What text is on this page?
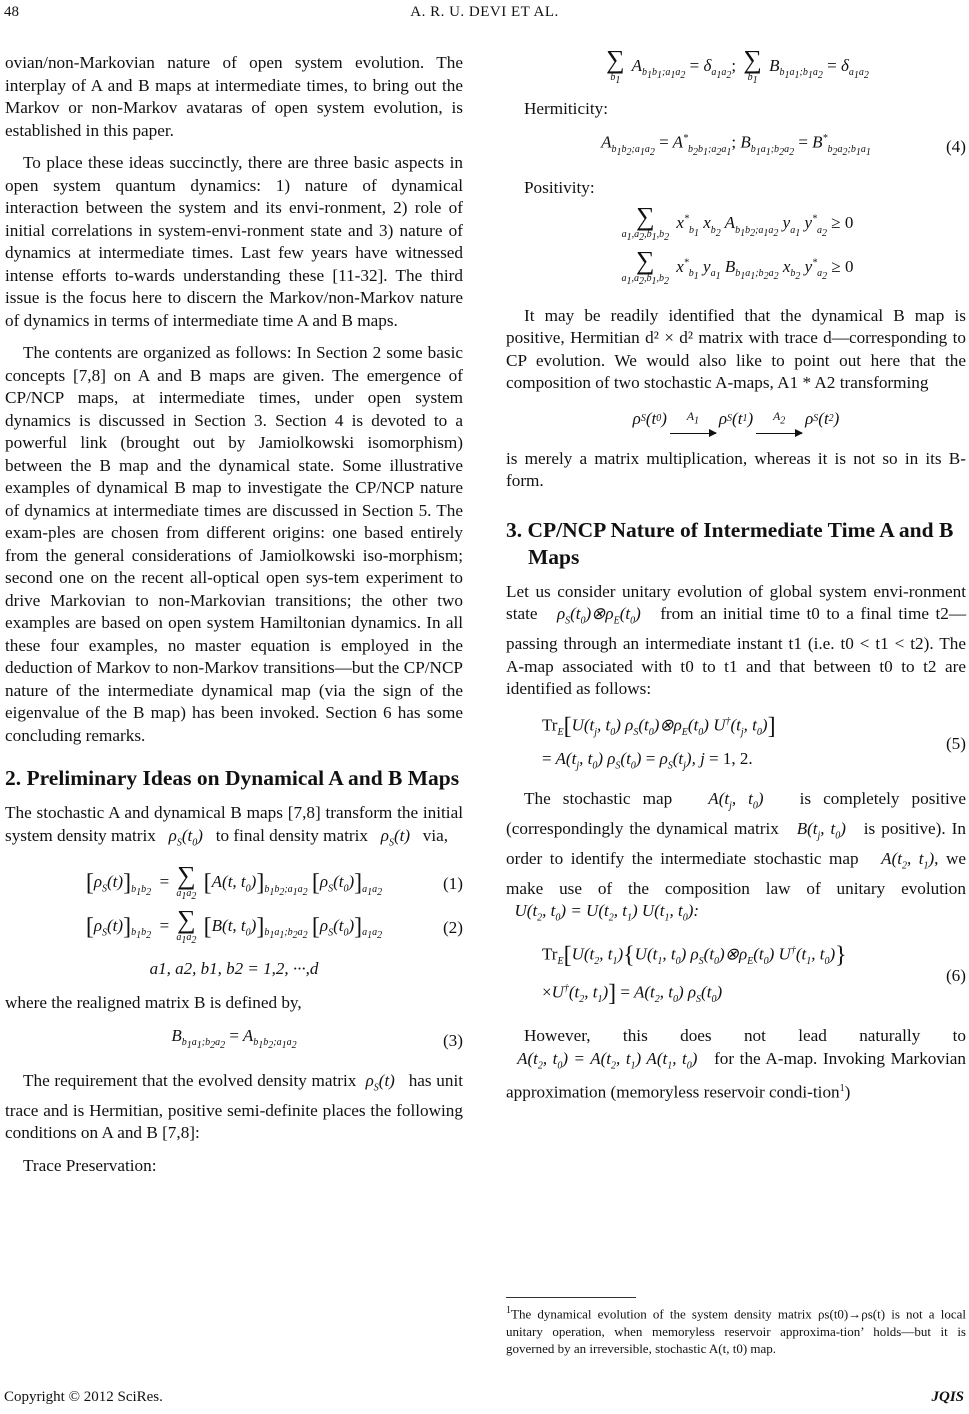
48	A. R. U. DEVI ET AL.

ovian/non-Markovian nature of open system evolution. The interplay of A and B maps at intermediate times, to bring out the Markov or non-Markov avataras of open system evolution, is established in this paper.

To place these ideas succinctly, there are three basic aspects in open system quantum dynamics: 1) nature of dynamical interaction between the system and its envi-ronment, 2) role of initial correlations in system-envi-ronment state and 3) nature of dynamics at intermediate times. Last few years have witnessed intense efforts to-wards understanding these [11-32]. The third issue is the focus here to discern the Markov/non-Markov nature of dynamics in terms of intermediate time A and B maps.

The contents are organized as follows: In Section 2 some basic concepts [7,8] on A and B maps are given. The emergence of CP/NCP maps, at intermediate times, under open system dynamics is discussed in Section 3. Section 4 is devoted to a powerful link (brought out by Jamiolkowski isomorphism) between the B map and the dynamical state. Some illustrative examples of dynamical B map to investigate the CP/NCP nature of dynamics at intermediate times are discussed in Section 5. The exam-ples are chosen from different origins: one based entirely from the general considerations of Jamiolkowski iso-morphism; second one on the recent all-optical open sys-tem experiment to drive Markovian to non-Markovian transitions; the other two examples are based on open system Hamiltonian dynamics. In all these four examples, no master equation is employed in the deduction of Markov to non-Markov transitions—but the CP/NCP nature of the intermediate dynamical map (via the sign of the eigenvalue of the B map) has been invoked. Section 6 has some concluding remarks.

2. Preliminary Ideas on Dynamical A and B Maps

The stochastic A and dynamical B maps [7,8] transform the initial system density matrix   $\rho_S(t_0)$   to final density matrix   $\rho_S(t)$   via,

$[\rho_S(t)]_{b_1b_2}$  = ∑
$a_1a_2$
[A(t, $t_0)]_{b_1b_2;a_1a_2}$ $[\rho_S(t_0)]_{a_1a_2}$	(1)
$[\rho_S(t)]_{b_1b_2}$  = ∑
$a_1a_2$
[B(t, $t_0)]_{b_1a_1;b_2a_2}$ $[\rho_S(t_0)]_{a_1a_2}$	(2)
a1, a2, b1, b2 = 1,2, ···,d

where the realigned matrix B is defined by,

$B_{b_1a_1;b_2a_2} = A_{b_1b_2;a_1a_2}$	(3)

The requirement that the evolved density matrix  $\rho_S(t)$   has unit trace and is Hermitian, positive semi-definite places the following conditions on A and B [7,8]:

Trace Preservation:
∑
$b_1$
$A_{b_1b_1;a_1a_2} = \delta_{a_1a_2}$; ∑
$b_1$
$B_{b_1a_1;b_1a_2} = \delta_{a_1a_2}$
Hermiticity:
$A_{b_1b_2;a_1a_2} = A^*_{b_2b_1;a_2a_1}$; $B_{b_1a_1;b_2a_2} = B^*_{b_2a_2;b_1a_1}$	(4)
Positivity:
∑
$a_1,a_2,b_1,b_2$
$x^*_{b_1}$ $x_{b_2}$ $A_{b_1b_2;a_1a_2}$ $y_{a_1}$ $y^*_{a_2} \ge 0$
∑
$a_1,a_2,b_1,b_2$
$x^*_{b_1}$ $y_{a_1}$ $B_{b_1a_1;b_2a_2}$ $x_{b_2}$ $y^*_{a_2} \ge 0$

It may be readily identified that the dynamical B map is positive, Hermitian d² × d² matrix with trace d—corresponding to CP evolution. We would also like to point out here that the composition of two stochastic A-maps, A1 * A2 transforming

ρ S (t 0 ) $A_1$ ρ S (t 1 ) $A_2$ ρ S (t 2 )

is merely a matrix multiplication, whereas it is not so in its B-form.

3. CP/NCP Nature of Intermediate Time A and B Maps

Let us consider unitary evolution of global system envi-ronment state   $\rho_S(t_0)\otimes\rho_E(t_0)$   from an initial time t0 to a final time t2—passing through an intermediate instant t1 (i.e. t0 < t1 < t2). The A-map associated with t0 to t1 and that between t0 to t2 are identified as follows:

$Tr_E[U(t_j$, $t_0$) $\rho_S(t_0)\otimes\rho_E(t_0)$ $U^\dagger(t_j$, $t_0$)]
= $A(t_j$, $t_0$) $\rho_S(t_0) = \rho_S(t_j)$, j = 1, 2.
(5)

The stochastic map   $A(t_j$, $t_0$)   is completely positive (correspondingly the dynamical matrix   $B(t_j$, $t_0$)   is positive). In order to identify the intermediate stochastic map   $A(t_2$, $t_1$), we make use of the composition law of unitary evolution   $U(t_2$, $t_0) = U(t_2$, $t_1$) $U(t_1$, $t_0$):

$Tr_E[U(t_2$, $t_1)\{U(t_1$, $t_0$) $\rho_S(t_0)\otimes\rho_E(t_0)$ $U^\dagger(t_1$, $t_0$)}
$\times U^\dagger(t_2$, $t_1)] = A(t_2$, $t_0$) $\rho_S(t_0)$
(6)

However, this does not lead naturally to   $A(t_2$, $t_0) = A(t_2$, $t_1$) $A(t_1$, $t_0$)   for the A-map. Invoking Markovian approximation (memoryless reservoir condi-tion$^1$)

$^1$The dynamical evolution of the system density matrix ρs(t0)→ρs(t) is not a local unitary operation, when memoryless reservoir approxima-tion’ holds—but it is governed by an irreversible, stochastic A(t, t0) map.
Copyright © 2012 SciRes.	JQIS
